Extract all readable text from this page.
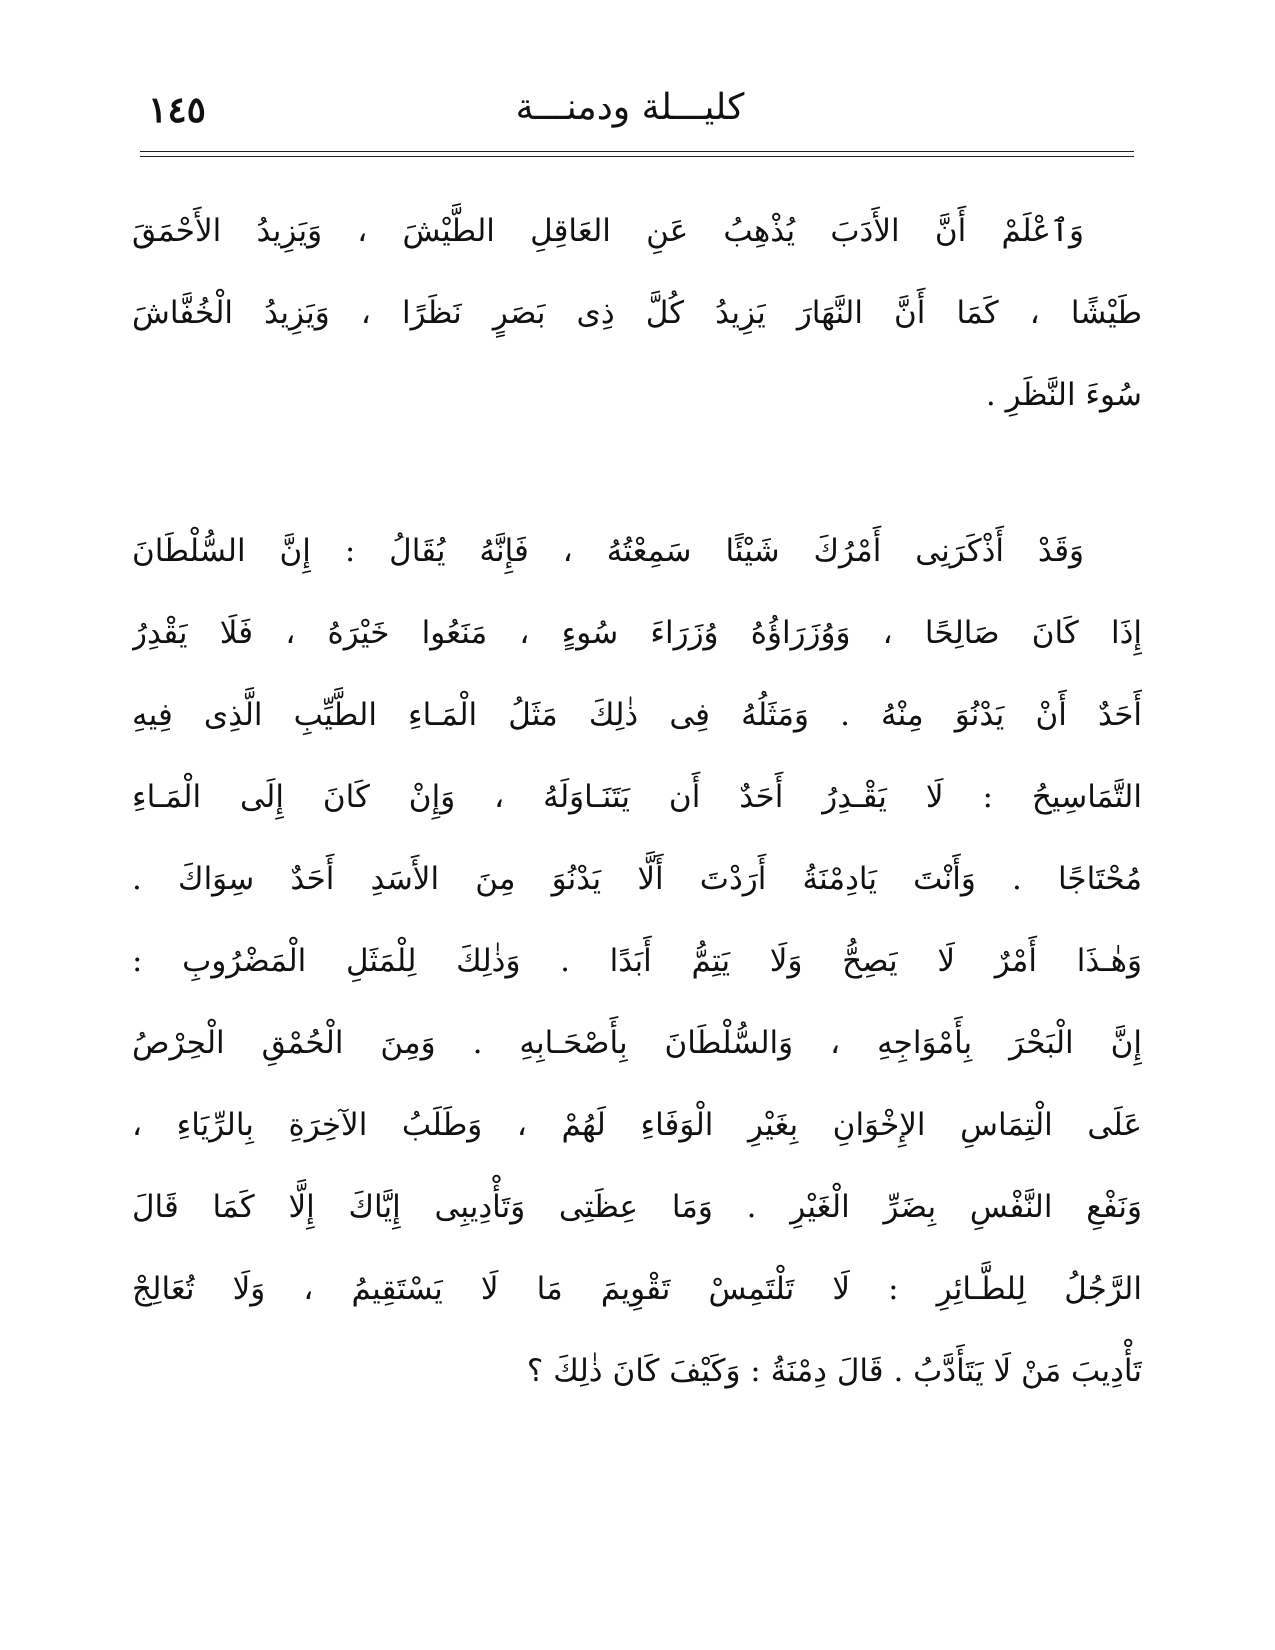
١٤٥	كليـــلة ودمنـــة
وَٱعْلَمْ أَنَّ الأَدَبَ يُذْهِبُ عَنِ العَاقِلِ الطَّيْشَ ، وَيَزِيدُ الأَحْمَقَ
طَيْشًا ، كَمَا أَنَّ النَّهَارَ يَزِيدُ كُلَّ ذِى بَصَرٍ نَظَرًا ، وَيَزِيدُ الْخُفَّاشَ
سُوءَ النَّظَرِ .
وَقَدْ أَذْكَرَنِى أَمْرُكَ شَيْئًا سَمِعْتُهُ ، فَإِنَّهُ يُقَالُ : إِنَّ السُّلْطَانَ
إِذَا كَانَ صَالِحًا ، وَوُزَرَاؤُهُ وُزَرَاءَ سُوءٍ ، مَنَعُوا خَيْرَهُ ، فَلَا يَقْدِرُ
أَحَدٌ أَنْ يَدْنُوَ مِنْهُ . وَمَثَلُهُ فِى ذٰلِكَ مَثَلُ الْمَـاءِ الطَّيِّبِ الَّذِى فِيهِ
التَّمَاسِيحُ : لَا يَقْـدِرُ أَحَدٌ أَن يَتَنَـاوَلَهُ ، وَإِنْ كَانَ إِلَى الْمَـاءِ
مُحْتَاجًا . وَأَنْتَ يَادِمْنَةُ أَرَدْتَ أَلَّا يَدْنُوَ مِنَ الأَسَدِ أَحَدٌ سِوَاكَ .
وَهٰـذَا أَمْرٌ لَا يَصِحُّ وَلَا يَتِمُّ أَبَدًا . وَذٰلِكَ لِلْمَثَلِ الْمَضْرُوبِ :
إِنَّ الْبَحْرَ بِأَمْوَاجِهِ ، وَالسُّلْطَانَ بِأَصْحَـابِهِ . وَمِنَ الْحُمْقِ الْحِرْصُ
عَلَى الْتِمَاسِ الإِخْوَانِ بِغَيْرِ الْوَفَاءِ لَهُمْ ، وَطَلَبُ الآخِرَةِ بِالرِّيَاءِ ،
وَنَفْعِ النَّفْسِ بِضَرِّ الْغَيْرِ . وَمَا عِظَتِى وَتَأْدِيبِى إِيَّاكَ إِلَّا كَمَا قَالَ
الرَّجُلُ لِلطَّـائِرِ : لَا تَلْتَمِسْ تَقْوِيمَ مَا لَا يَسْتَقِيمُ ، وَلَا تُعَالِجْ
تَأْدِيبَ مَنْ لَا يَتَأَدَّبُ . قَالَ دِمْنَةُ : وَكَيْفَ كَانَ ذٰلِكَ ؟
